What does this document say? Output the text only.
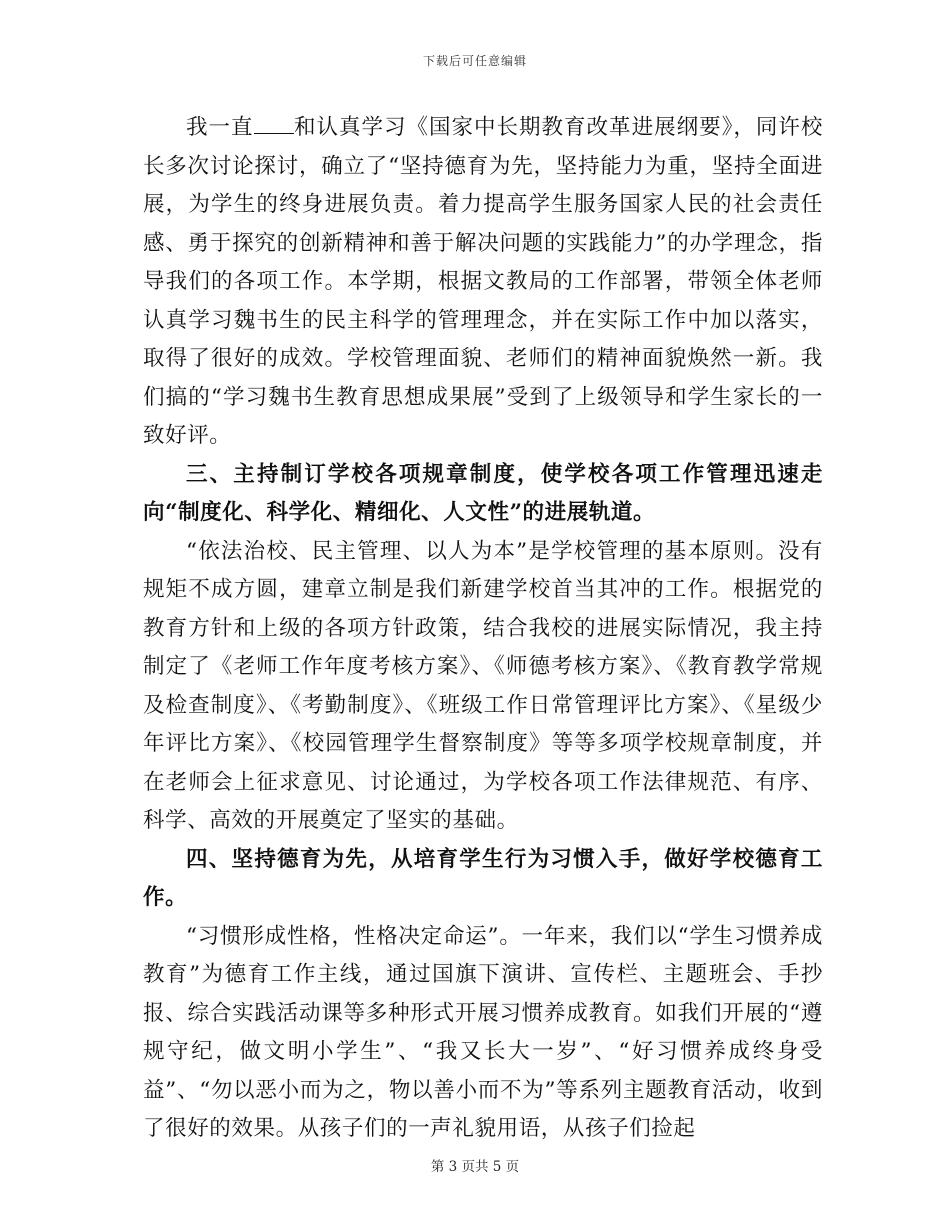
下载后可任意编辑

我一直 和认真学习《国家中长期教育改革进展纲要》，同许校长多次讨论探讨，确立了“坚持德育为先，坚持能力为重，坚持全面进展，为学生的终身进展负责。着力提高学生服务国家人民的社会责任感、勇于探究的创新精神和善于解决问题的实践能力”的办学理念，指导我们的各项工作。本学期，根据文教局的工作部署，带领全体老师认真学习魏书生的民主科学的管理理念，并在实际工作中加以落实，取得了很好的成效。学校管理面貌、老师们的精神面貌焕然一新。我们搞的“学习魏书生教育思想成果展”受到了上级领导和学生家长的一致好评。

三、主持制订学校各项规章制度，使学校各项工作管理迅速走向“制度化、科学化、精细化、人文性”的进展轨道。

“依法治校、民主管理、以人为本”是学校管理的基本原则。没有规矩不成方圆，建章立制是我们新建学校首当其冲的工作。根据党的教育方针和上级的各项方针政策，结合我校的进展实际情况，我主持制定了《老师工作年度考核方案》、《师德考核方案》、《教育教学常规及检查制度》、《考勤制度》、《班级工作日常管理评比方案》、《星级少年评比方案》、《校园管理学生督察制度》等等多项学校规章制度，并在老师会上征求意见、讨论通过，为学校各项工作法律规范、有序、科学、高效的开展奠定了坚实的基础。

四、坚持德育为先，从培育学生行为习惯入手，做好学校德育工作。

“习惯形成性格，性格决定命运”。一年来，我们以“学生习惯养成教育”为德育工作主线，通过国旗下演讲、宣传栏、主题班会、手抄报、综合实践活动课等多种形式开展习惯养成教育。如我们开展的“遵规守纪，做文明小学生”、“我又长大一岁”、“好习惯养成终身受益”、“勿以恶小而为之，物以善小而不为”等系列主题教育活动，收到了很好的效果。从孩子们的一声礼貌用语，从孩子们捡起

第 3 页共 5 页
